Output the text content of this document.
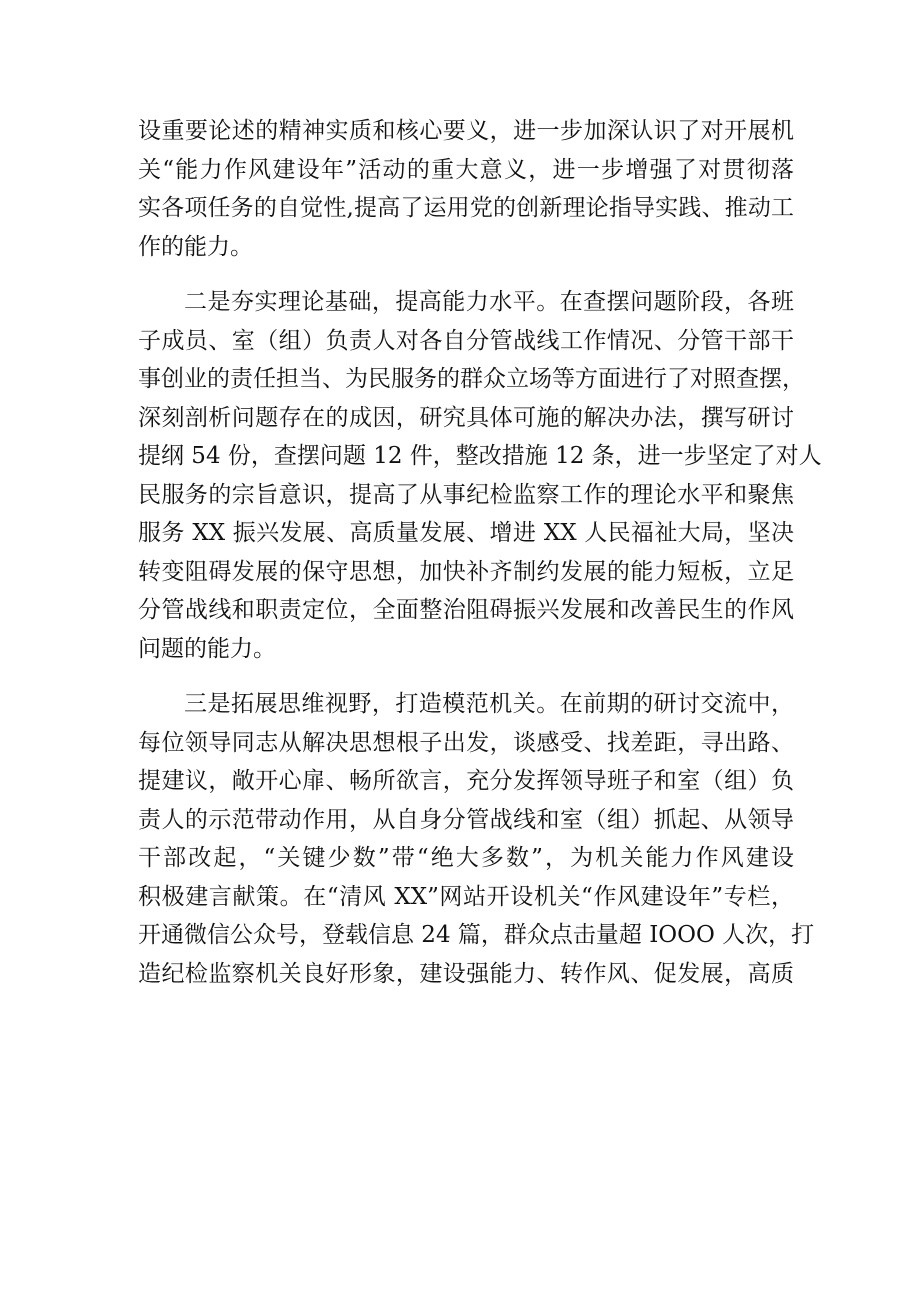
设重要论述的精神实质和核心要义，进一步加深认识了对开展机
关“能力作风建设年”活动的重大意义，进一步增强了对贯彻落
实各项任务的自觉性,提高了运用党的创新理论指导实践、推动工
作的能力。
二是夯实理论基础，提高能力水平。在查摆问题阶段，各班
子成员、室（组）负责人对各自分管战线工作情况、分管干部干
事创业的责任担当、为民服务的群众立场等方面进行了对照查摆，
深刻剖析问题存在的成因，研究具体可施的解决办法，撰写研讨
提纲 54 份，查摆问题 12 件，整改措施 12 条，进一步坚定了对人
民服务的宗旨意识，提高了从事纪检监察工作的理论水平和聚焦
服务 XX 振兴发展、高质量发展、增进 XX 人民福祉大局，坚决
转变阻碍发展的保守思想，加快补齐制约发展的能力短板，立足
分管战线和职责定位，全面整治阻碍振兴发展和改善民生的作风
问题的能力。
三是拓展思维视野，打造模范机关。在前期的研讨交流中，
每位领导同志从解决思想根子出发，谈感受、找差距，寻出路、
提建议，敞开心扉、畅所欲言，充分发挥领导班子和室（组）负
责人的示范带动作用，从自身分管战线和室（组）抓起、从领导
干部改起，“关键少数”带“绝大多数”，为机关能力作风建设
积极建言献策。在“清风 XX”网站开设机关“作风建设年”专栏，
开通微信公众号，登载信息 24 篇，群众点击量超 IOOO 人次，打
造纪检监察机关良好形象，建设强能力、转作风、促发展，高质
